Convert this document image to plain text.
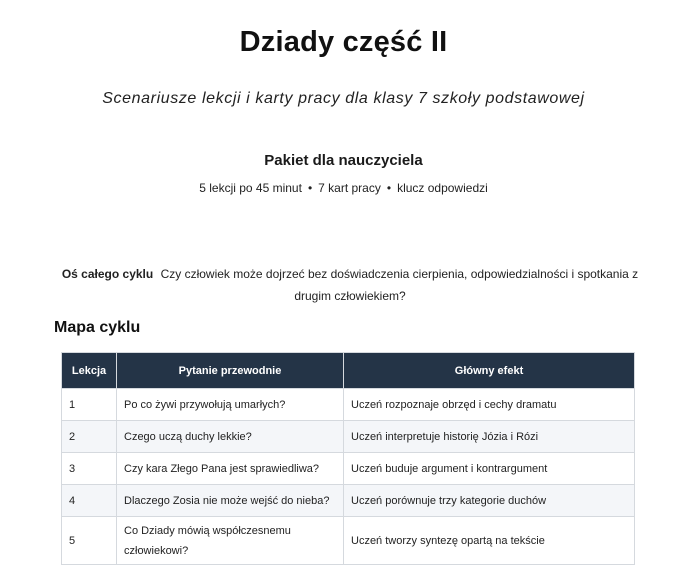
Dziady część II
Scenariusze lekcji i karty pracy dla klasy 7 szkoły podstawowej
Pakiet dla nauczyciela
5 lekcji po 45 minut • 7 kart pracy • klucz odpowiedzi
Oś całego cyklu Czy człowiek może dojrzeć bez doświadczenia cierpienia, odpowiedzialności i spotkania z drugim człowiekiem?
Mapa cyklu
Lekcja	Pytanie przewodnie	Główny efekt
1	Po co żywi przywołują umarłych?	Uczeń rozpoznaje obrzęd i cechy dramatu
2	Czego uczą duchy lekkie?	Uczeń interpretuje historię Józia i Rózi
3	Czy kara Złego Pana jest sprawiedliwa?	Uczeń buduje argument i kontrargument
4	Dlaczego Zosia nie może wejść do nieba?	Uczeń porównuje trzy kategorie duchów
5	Co Dziady mówią współczesnemu człowiekowi?	Uczeń tworzy syntezę opartą na tekście
